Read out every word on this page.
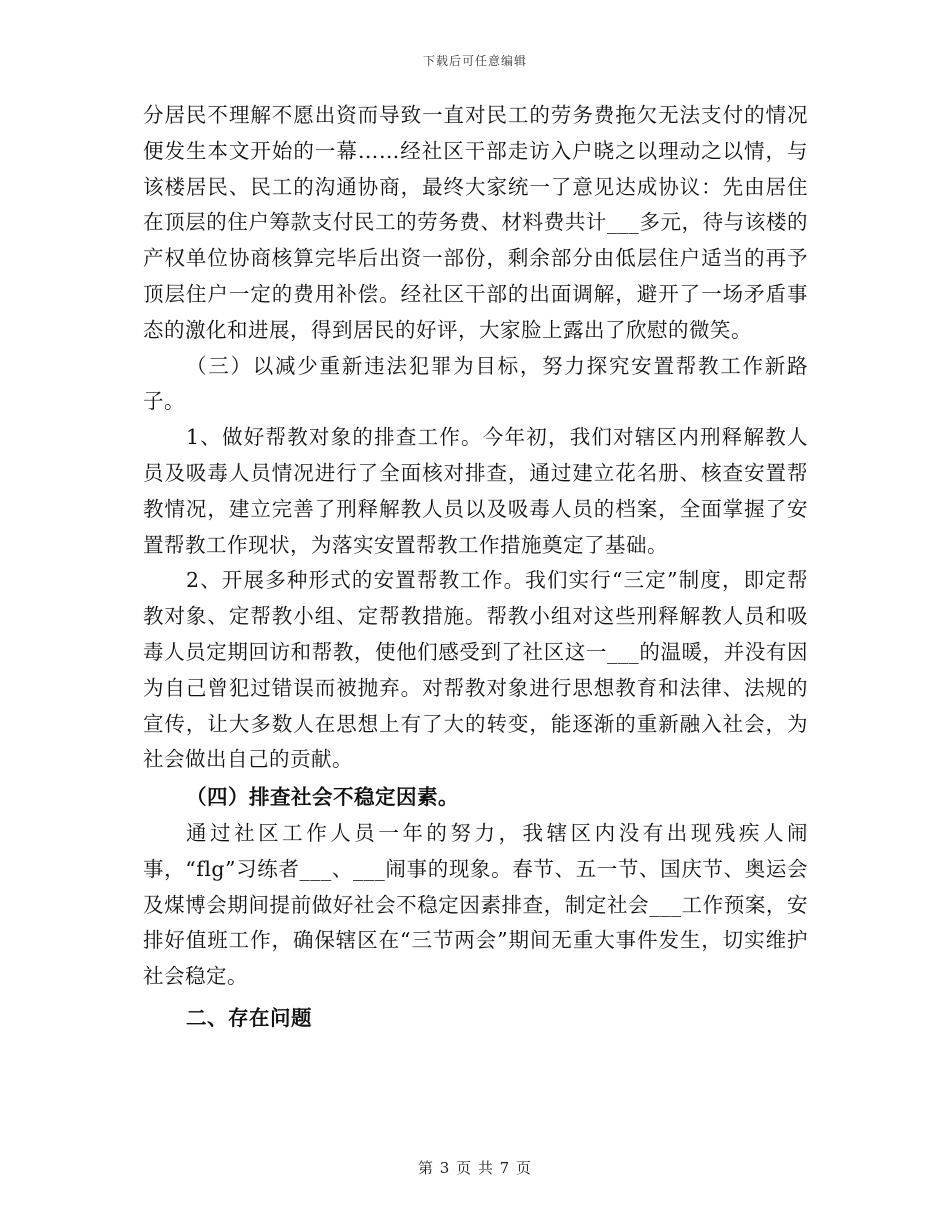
下载后可任意编辑

分居民不理解不愿出资而导致一直对民工的劳务费拖欠无法支付的情况便发生本文开始的一幕……经社区干部走访入户晓之以理动之以情，与该楼居民、民工的沟通协商，最终大家统一了意见达成协议：先由居住在顶层的住户筹款支付民工的劳务费、材料费共计___多元，待与该楼的产权单位协商核算完毕后出资一部份，剩余部分由低层住户适当的再予顶层住户一定的费用补偿。经社区干部的出面调解，避开了一场矛盾事态的激化和进展，得到居民的好评，大家脸上露出了欣慰的微笑。

（三）以减少重新违法犯罪为目标，努力探究安置帮教工作新路子。

1、做好帮教对象的排查工作。今年初，我们对辖区内刑释解教人员及吸毒人员情况进行了全面核对排查，通过建立花名册、核查安置帮教情况，建立完善了刑释解教人员以及吸毒人员的档案，全面掌握了安置帮教工作现状，为落实安置帮教工作措施奠定了基础。

2、开展多种形式的安置帮教工作。我们实行“三定”制度，即定帮教对象、定帮教小组、定帮教措施。帮教小组对这些刑释解教人员和吸毒人员定期回访和帮教，使他们感受到了社区这一___的温暖，并没有因为自己曾犯过错误而被抛弃。对帮教对象进行思想教育和法律、法规的宣传，让大多数人在思想上有了大的转变，能逐渐的重新融入社会，为社会做出自己的贡献。

（四）排查社会不稳定因素。

通过社区工作人员一年的努力，我辖区内没有出现残疾人闹事，“flg”习练者___、___闹事的现象。春节、五一节、国庆节、奥运会及煤博会期间提前做好社会不稳定因素排查，制定社会___工作预案，安排好值班工作，确保辖区在“三节两会”期间无重大事件发生，切实维护社会稳定。

二、存在问题

第 3 页 共 7 页
